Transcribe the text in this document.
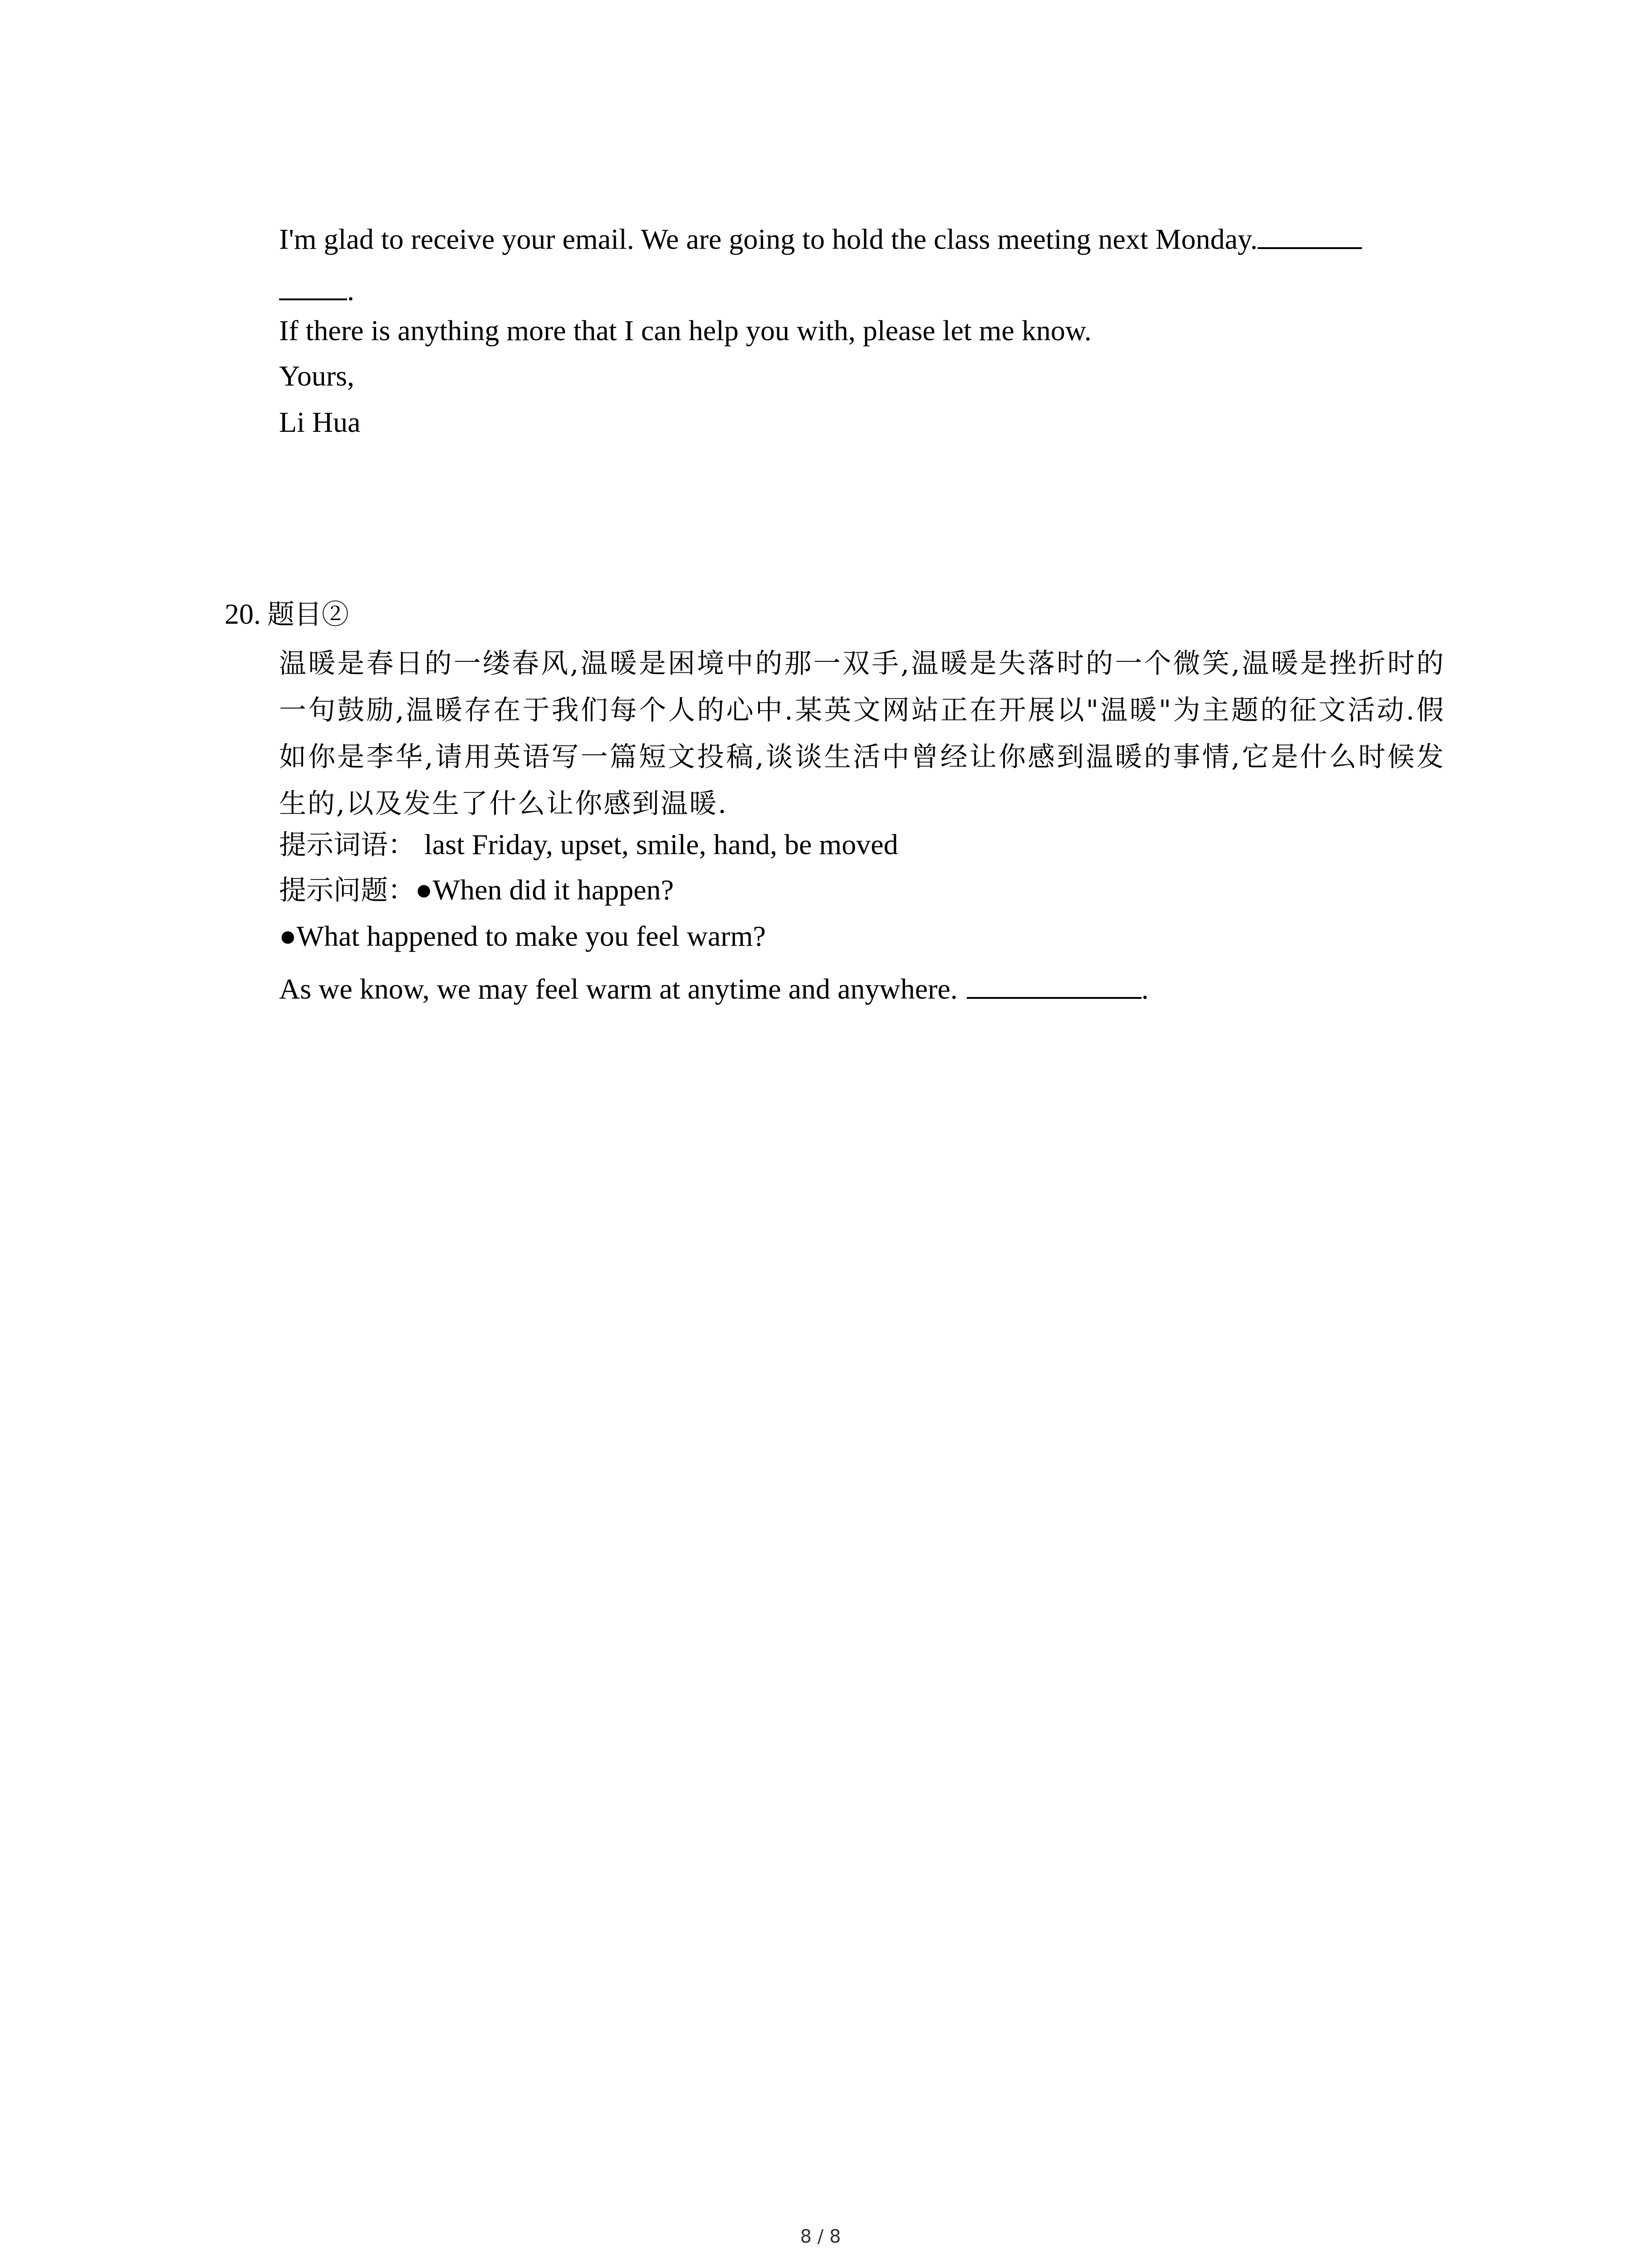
I'm glad to receive your email. We are going to hold the class meeting next Monday.
.
If there is anything more that I can help you with, please let me know.
Yours,
Li Hua
20. 题目②
温暖是春日的一缕春风,温暖是困境中的那一双手,温暖是失落时的一个微笑,温暖是挫折时的一句鼓励,温暖存在于我们每个人的心中.某英文网站正在开展以"温暖"为主题的征文活动.假如你是李华,请用英语写一篇短文投稿,谈谈生活中曾经让你感到温暖的事情,它是什么时候发生的,以及发生了什么让你感到温暖.
提示词语： last Friday, upset, smile, hand, be moved
提示问题：●When did it happen?
●What happened to make you feel warm?
As we know, we may feel warm at anytime and anywhere.	.
8 / 8
